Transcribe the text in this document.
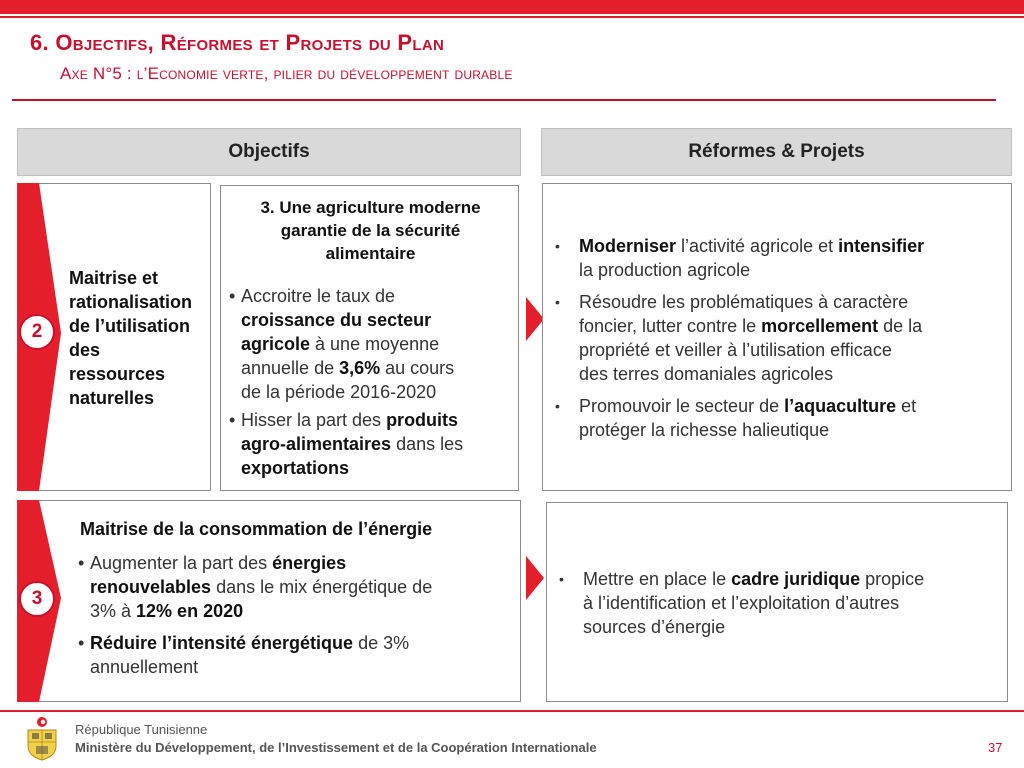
6. Objectifs, Réformes et Projets du Plan
Axe N°5 : l’Economie verte, pilier du développement durable
Objectifs	Réformes & Projets
2
Maitrise et
rationalisation
de l’utilisation
des
ressources
naturelles
3. Une agriculture moderne
garantie de la sécurité
alimentaire
• Accroitre le taux de
croissance du secteur
agricole à une moyenne
annuelle de 3,6% au cours
de la période 2016-2020
• Hisser la part des produits
agro-alimentaires dans les
exportations
• Moderniser l’activité agricole et intensifier
la production agricole
• Résoudre les problématiques à caractère
foncier, lutter contre le morcellement de la
propriété et veiller à l’utilisation efficace
des terres domaniales agricoles
• Promouvoir le secteur de l’aquaculture et
protéger la richesse halieutique
Maitrise de la consommation de l’énergie
• Augmenter la part des énergies
renouvelables dans le mix énergétique de
3% à 12% en 2020
• Réduire l’intensité énergétique de 3%
annuellement
3
• Mettre en place le cadre juridique propice
à l’identification et l’exploitation d’autres
sources d’énergie
République Tunisienne
Ministère du Développement, de l’Investissement et de la Coopération Internationale	37
